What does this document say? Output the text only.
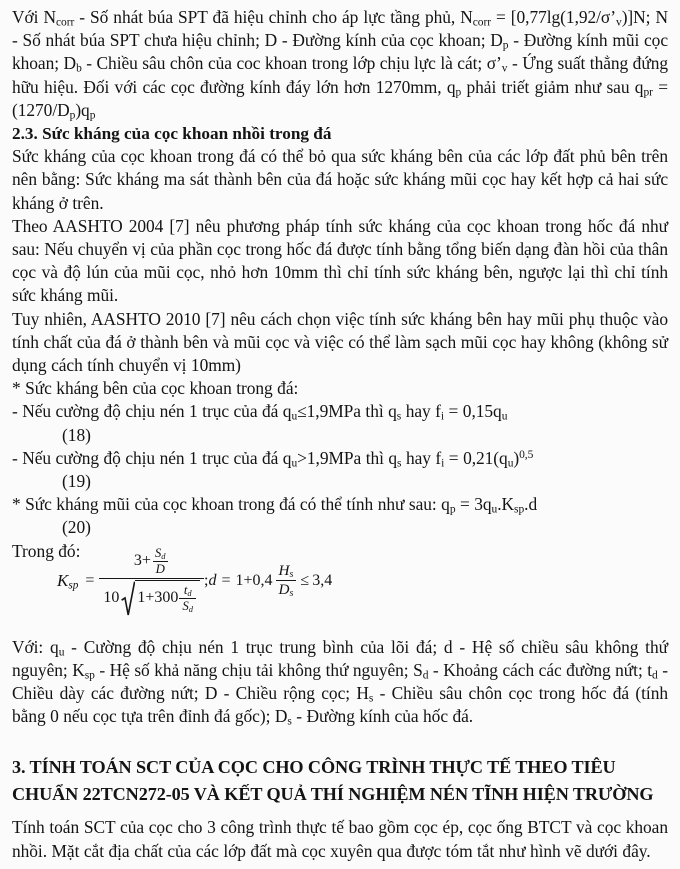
Với $N_{corr}$ - Số nhát búa SPT đã hiệu chỉnh cho áp lực tầng phủ, $N_{corr}$ = $[0,77\lg(1,92/\sigma’_v)]N$; N - Số nhát búa SPT chưa hiệu chỉnh; D - Đường kính của cọc khoan; $D_p$ - Đường kính mũi cọc khoan; $D_b$ - Chiều sâu chôn của coc khoan trong lớp chịu lực là cát; $\sigma’_v$ - Ứng suất thẳng đứng hữu hiệu. Đối với các cọc đường kính đáy lớn hơn 1270mm, $q_p$ phải triết giảm như sau $q_{pr} = (1270/D_p)q_p$

2.3. Sức kháng của cọc khoan nhồi trong đá

Sức kháng của cọc khoan trong đá có thể bỏ qua sức kháng bên của các lớp đất phủ bên trên nên bằng: Sức kháng ma sát thành bên của đá hoặc sức kháng mũi cọc hay kết hợp cả hai sức kháng ở trên.

Theo AASHTO 2004 [7] nêu phương pháp tính sức kháng của cọc khoan trong hốc đá như sau: Nếu chuyển vị của phần cọc trong hốc đá được tính bằng tổng biến dạng đàn hồi của thân cọc và độ lún của mũi cọc, nhỏ hơn 10mm thì chỉ tính sức kháng bên, ngược lại thì chỉ tính sức kháng mũi.

Tuy nhiên, AASHTO 2010 [7] nêu cách chọn việc tính sức kháng bên hay mũi phụ thuộc vào tính chất của đá ở thành bên và mũi cọc và việc có thể làm sạch mũi cọc hay không (không sử dụng cách tính chuyển vị 10mm)

* Sức kháng bên của cọc khoan trong đá:

- Nếu cường độ chịu nén 1 trục của đá $q_u\le 1,9MPa$ thì $q_s$ hay $f_i = 0,15q_u$

(18)

- Nếu cường độ chịu nén 1 trục của đá $q_u>1,9MPa$ thì $q_s$ hay $f_i = 0,21(q_u)^{0,5}$

(19)

* Sức kháng mũi của cọc khoan trong đá có thể tính như sau: $q_p = 3q_u.K_{sp}.d$

(20)

Trong đó:
$K_{sp}$ =
$3+ \frac{S_d}{D}$
10 $1+300 \frac{t_d}{S_d}$
; $d = 1+0,4 \frac{H_s}{D_s} \le 3,4$

Với: $q_u$ - Cường độ chịu nén 1 trục trung bình của lõi đá; d - Hệ số chiều sâu không thứ nguyên; $K_{sp}$ - Hệ số khả năng chịu tải không thứ nguyên; $S_d$ - Khoảng cách các đường nứt; $t_d$ - Chiều dày các đường nứt; D - Chiều rộng cọc; $H_s$ - Chiều sâu chôn cọc trong hốc đá (tính bằng 0 nếu cọc tựa trên đỉnh đá gốc); $D_s$ - Đường kính của hốc đá.

3. TÍNH TOÁN SCT CỦA CỌC CHO CÔNG TRÌNH THỰC TẾ THEO TIÊU CHUẨN 22TCN272-05 VÀ KẾT QUẢ THÍ NGHIỆM NÉN TĨNH HIỆN TRƯỜNG

Tính toán SCT của cọc cho 3 công trình thực tế bao gồm cọc ép, cọc ống BTCT và cọc khoan nhồi. Mặt cắt địa chất của các lớp đất mà cọc xuyên qua được tóm tắt như hình vẽ dưới đây.
